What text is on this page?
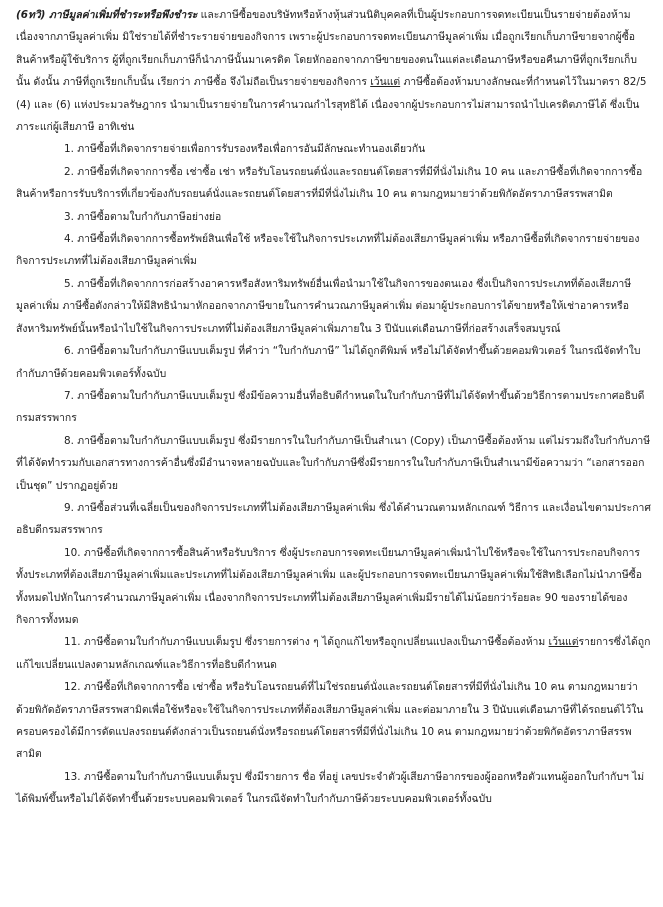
(6ทวิ) ภาษีมูลค่าเพิ่มที่ชำระหรือพึงชำระ และภาษีซื้อของบริษัทหรือห้างหุ้นส่วนนิติบุคคลที่เป็นผู้ประกอบการจดทะเบียนเป็นรายจ่ายต้องห้าม เนื่องจากภาษีมูลค่าเพิ่ม มิใช่รายได้ที่ชำระรายจ่ายของกิจการ เพราะผู้ประกอบการจดทะเบียนภาษีมูลค่าเพิ่ม เมื่อถูกเรียกเก็บภาษีขายจากผู้ซื้อสินค้าหรือผู้ใช้บริการ ผู้ที่ถูกเรียกเก็บภาษีก็นำภาษีนั้นมาเครดิต โดยหักออกจากภาษีขายของตนในแต่ละเดือนภาษีหรือขอคืนภาษีที่ถูกเรียกเก็บนั้น ดังนั้น ภาษีที่ถูกเรียกเก็บนั้น เรียกว่า ภาษีซื้อ จึงไม่ถือเป็นรายจ่ายของกิจการ เว้นแต่ ภาษีซื้อต้องห้ามบางลักษณะที่กำหนดไว้ในมาตรา 82/5 (4) และ (6) แห่งประมวลรัษฎากร นำมาเป็นรายจ่ายในการคำนวณกำไรสุทธิได้ เนื่องจากผู้ประกอบการไม่สามารถนำไปเครดิตภาษีได้ ซึ่งเป็นภาระแก่ผู้เสียภาษี อาทิเช่น

1. ภาษีซื้อที่เกิดจากรายจ่ายเพื่อการรับรองหรือเพื่อการอันมีลักษณะทำนองเดียวกัน

2. ภาษีซื้อที่เกิดจากการซื้อ เช่าซื้อ เช่า หรือรับโอนรถยนต์นั่งและรถยนต์โดยสารที่มีที่นั่งไม่เกิน 10 คน และภาษีซื้อที่เกิดจากการซื้อสินค้าหรือการรับบริการที่เกี่ยวข้องกับรถยนต์นั่งและรถยนต์โดยสารที่มีที่นั่งไม่เกิน 10 คน ตามกฎหมายว่าด้วยพิกัดอัตราภาษีสรรพสามิต

3. ภาษีซื้อตามใบกำกับภาษีอย่างย่อ

4. ภาษีซื้อที่เกิดจากการซื้อทรัพย์สินเพื่อใช้ หรือจะใช้ในกิจการประเภทที่ไม่ต้องเสียภาษีมูลค่าเพิ่ม หรือภาษีซื้อที่เกิดจากรายจ่ายของกิจการประเภทที่ไม่ต้องเสียภาษีมูลค่าเพิ่ม

5. ภาษีซื้อที่เกิดจากการก่อสร้างอาคารหรือสังหาริมทรัพย์อื่นเพื่อนำมาใช้ในกิจการของตนเอง ซึ่งเป็นกิจการประเภทที่ต้องเสียภาษีมูลค่าเพิ่ม ภาษีซื้อดังกล่าวให้มีสิทธินำมาหักออกจากภาษีขายในการคำนวณภาษีมูลค่าเพิ่ม ต่อมาผู้ประกอบการได้ขายหรือให้เช่าอาคารหรือสังหาริมทรัพย์นั้นหรือนำไปใช้ในกิจการประเภทที่ไม่ต้องเสียภาษีมูลค่าเพิ่มภายใน 3 ปีนับแต่เดือนภาษีที่ก่อสร้างเสร็จสมบูรณ์

6. ภาษีซื้อตามใบกำกับภาษีแบบเต็มรูป ที่คำว่า “ใบกำกับภาษี” ไม่ได้ถูกตีพิมพ์ หรือไม่ได้จัดทำขึ้นด้วยคอมพิวเตอร์ ในกรณีจัดทำใบกำกับภาษีด้วยคอมพิวเตอร์ทั้งฉบับ

7. ภาษีซื้อตามใบกำกับภาษีแบบเต็มรูป ซึ่งมีข้อความอื่นที่อธิบดีกำหนดในใบกำกับภาษีที่ไม่ได้จัดทำขึ้นด้วยวิธีการตามประกาศอธิบดีกรมสรรพากร

8. ภาษีซื้อตามใบกำกับภาษีแบบเต็มรูป ซึ่งมีรายการในใบกำกับภาษีเป็นสำเนา (Copy) เป็นภาษีซื้อต้องห้าม แต่ไม่รวมถึงใบกำกับภาษีที่ได้จัดทำรวมกับเอกสารทางการค้าอื่นซึ่งมีอำนาจหลายฉบับและใบกำกับภาษีซึ่งมีรายการในใบกำกับภาษีเป็นสำเนามีข้อความว่า “เอกสารออกเป็นชุด” ปรากฏอยู่ด้วย

9. ภาษีซื้อส่วนที่เฉลี่ยเป็นของกิจการประเภทที่ไม่ต้องเสียภาษีมูลค่าเพิ่ม ซึ่งได้คำนวณตามหลักเกณฑ์ วิธีการ และเงื่อนไขตามประกาศอธิบดีกรมสรรพากร

10. ภาษีซื้อที่เกิดจากการซื้อสินค้าหรือรับบริการ ซึ่งผู้ประกอบการจดทะเบียนภาษีมูลค่าเพิ่มนำไปใช้หรือจะใช้ในการประกอบกิจการทั้งประเภทที่ต้องเสียภาษีมูลค่าเพิ่มและประเภทที่ไม่ต้องเสียภาษีมูลค่าเพิ่ม และผู้ประกอบการจดทะเบียนภาษีมูลค่าเพิ่มใช้สิทธิเลือกไม่นำภาษีซื้อทั้งหมดไปหักในการคำนวณภาษีมูลค่าเพิ่ม เนื่องจากกิจการประเภทที่ไม่ต้องเสียภาษีมูลค่าเพิ่มมีรายได้ไม่น้อยกว่าร้อยละ 90 ของรายได้ของกิจการทั้งหมด

11. ภาษีซื้อตามใบกำกับภาษีแบบเต็มรูป ซึ่งรายการต่าง ๆ ได้ถูกแก้ไขหรือถูกเปลี่ยนแปลงเป็นภาษีซื้อต้องห้าม เว้นแต่รายการซึ่งได้ถูกแก้ไขเปลี่ยนแปลงตามหลักเกณฑ์และวิธีการที่อธิบดีกำหนด

12. ภาษีซื้อที่เกิดจากการซื้อ เช่าซื้อ หรือรับโอนรถยนต์ที่ไม่ใช่รถยนต์นั่งและรถยนต์โดยสารที่มีที่นั่งไม่เกิน 10 คน ตามกฎหมายว่าด้วยพิกัดอัตราภาษีสรรพสามิตเพื่อใช้หรือจะใช้ในกิจการประเภทที่ต้องเสียภาษีมูลค่าเพิ่ม และต่อมาภายใน 3 ปีนับแต่เดือนภาษีที่ได้รถยนต์ไว้ในครอบครองได้มีการดัดแปลงรถยนต์ดังกล่าวเป็นรถยนต์นั่งหรือรถยนต์โดยสารที่มีที่นั่งไม่เกิน 10 คน ตามกฎหมายว่าด้วยพิกัดอัตราภาษีสรรพสามิต

13. ภาษีซื้อตามใบกำกับภาษีแบบเต็มรูป ซึ่งมีรายการ ชื่อ ที่อยู่ เลขประจำตัวผู้เสียภาษีอากรของผู้ออกหรือตัวแทนผู้ออกใบกำกับฯ ไม่ได้พิมพ์ขึ้นหรือไม่ได้จัดทำขึ้นด้วยระบบคอมพิวเตอร์ ในกรณีจัดทำใบกำกับภาษีด้วยระบบคอมพิวเตอร์ทั้งฉบับ
